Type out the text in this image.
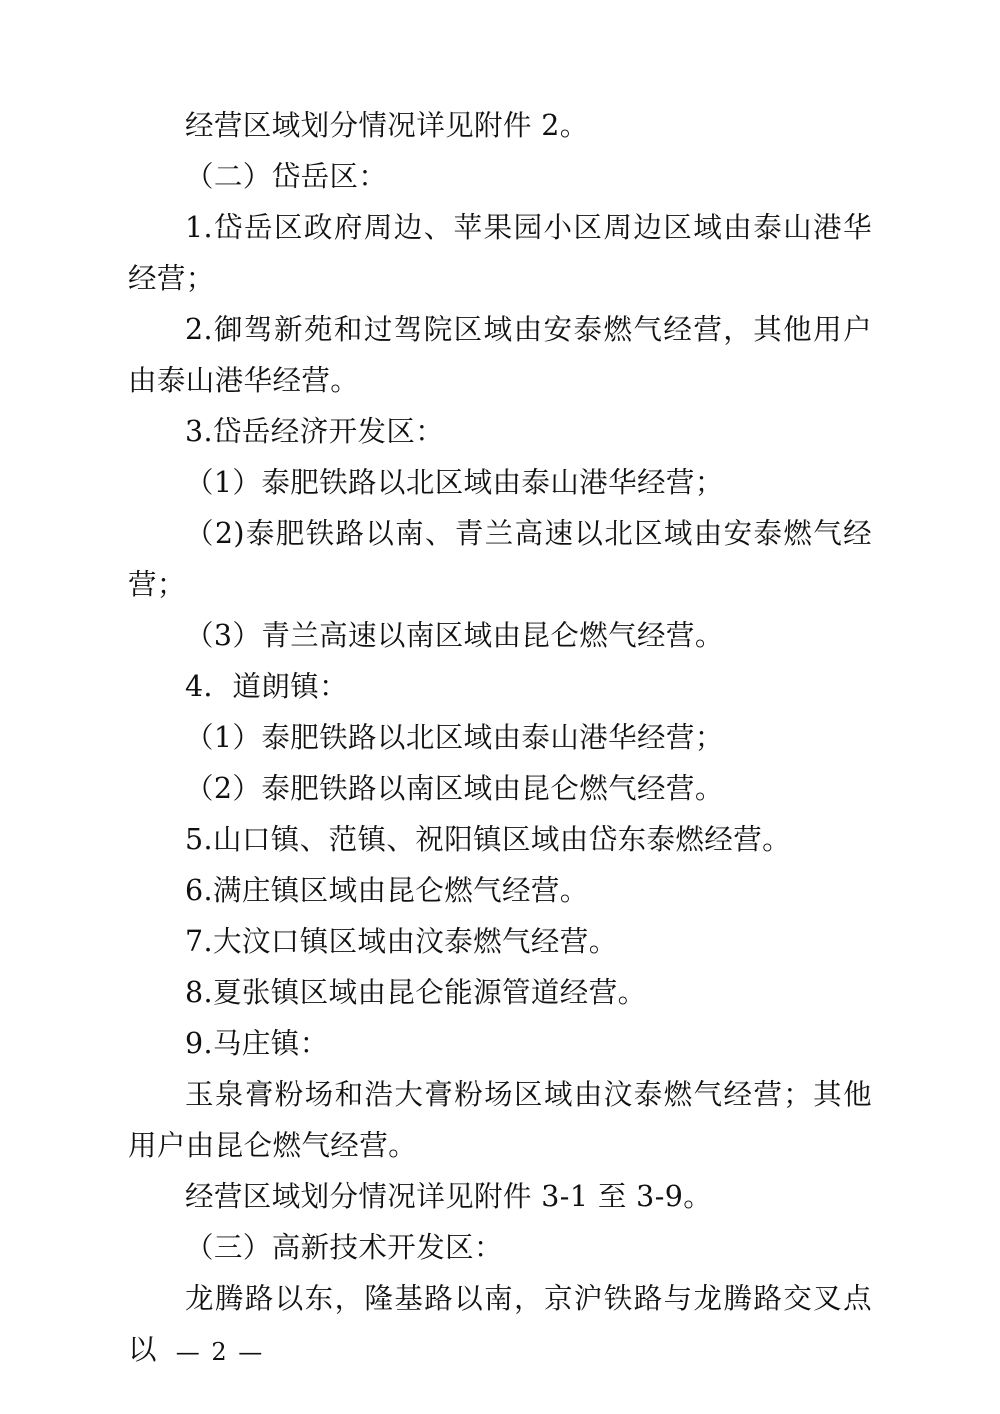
经营区域划分情况详见附件 2。

（二）岱岳区：

1.岱岳区政府周边、苹果园小区周边区域由泰山港华经营；

2.御驾新苑和过驾院区域由安泰燃气经营，其他用户由泰山港华经营。

3.岱岳经济开发区：

（1）泰肥铁路以北区域由泰山港华经营；

（2)泰肥铁路以南、青兰高速以北区域由安泰燃气经营；

（3）青兰高速以南区域由昆仑燃气经营。

4．道朗镇：

（1）泰肥铁路以北区域由泰山港华经营；

（2）泰肥铁路以南区域由昆仑燃气经营。

5.山口镇、范镇、祝阳镇区域由岱东泰燃经营。

6.满庄镇区域由昆仑燃气经营。

7.大汶口镇区域由汶泰燃气经营。

8.夏张镇区域由昆仑能源管道经营。

9.马庄镇：

玉泉膏粉场和浩大膏粉场区域由汶泰燃气经营；其他用户由昆仑燃气经营。

经营区域划分情况详见附件 3-1 至 3-9。

（三）高新技术开发区：

龙腾路以东，隆基路以南，京沪铁路与龙腾路交叉点以 — 2 —
